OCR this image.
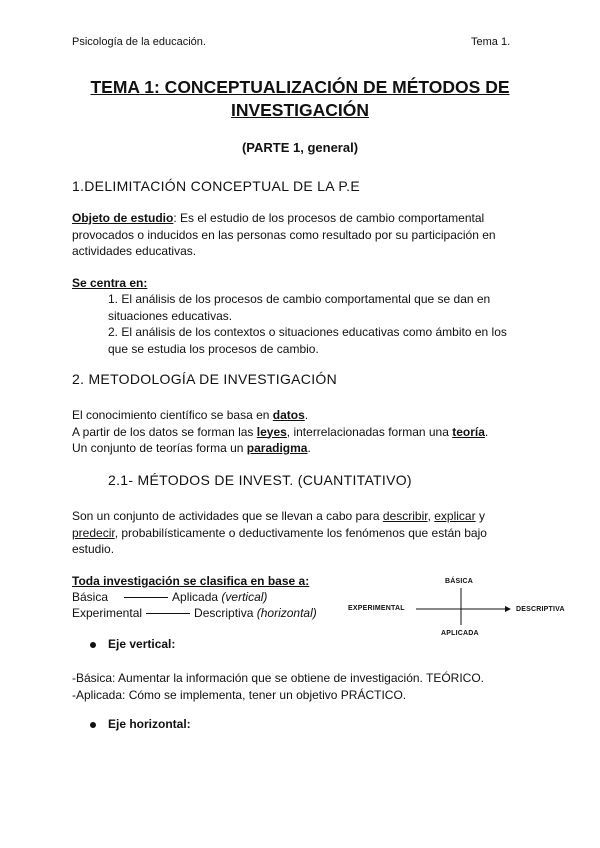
Psicología de la educación.	Tema 1.
TEMA 1: CONCEPTUALIZACIÓN DE MÉTODOS DE
INVESTIGACIÓN
(PARTE 1, general)
1.DELIMITACIÓN CONCEPTUAL DE LA P.E
Objeto de estudio: Es el estudio de los procesos de cambio comportamental
provocados o inducidos en las personas como resultado por su participación en
actividades educativas.
Se centra en:
1. El análisis de los procesos de cambio comportamental que se dan en
situaciones educativas.
2. El análisis de los contextos o situaciones educativas como ámbito en los
que se estudia los procesos de cambio.
2. METODOLOGÍA DE INVESTIGACIÓN
El conocimiento científico se basa en datos.
A partir de los datos se forman las leyes, interrelacionadas forman una teoría.
Un conjunto de teorías forma un paradigma.
2.1- MÉTODOS DE INVEST. (CUANTITATIVO)
Son un conjunto de actividades que se llevan a cabo para describir, explicar y
predecir, probabilísticamente o deductivamente los fenómenos que están bajo
estudio.
Toda investigación se clasifica en base a:
Básica	Aplicada (vertical)
Experimental	Descriptiva (horizontal)
BÁSICA
APLICADA
EXPERIMENTAL	DESCRIPTIVA
Eje vertical:
-Básica: Aumentar la información que se obtiene de investigación. TEÓRICO.
-Aplicada: Cómo se implementa, tener un objetivo PRÁCTICO.
Eje horizontal:
